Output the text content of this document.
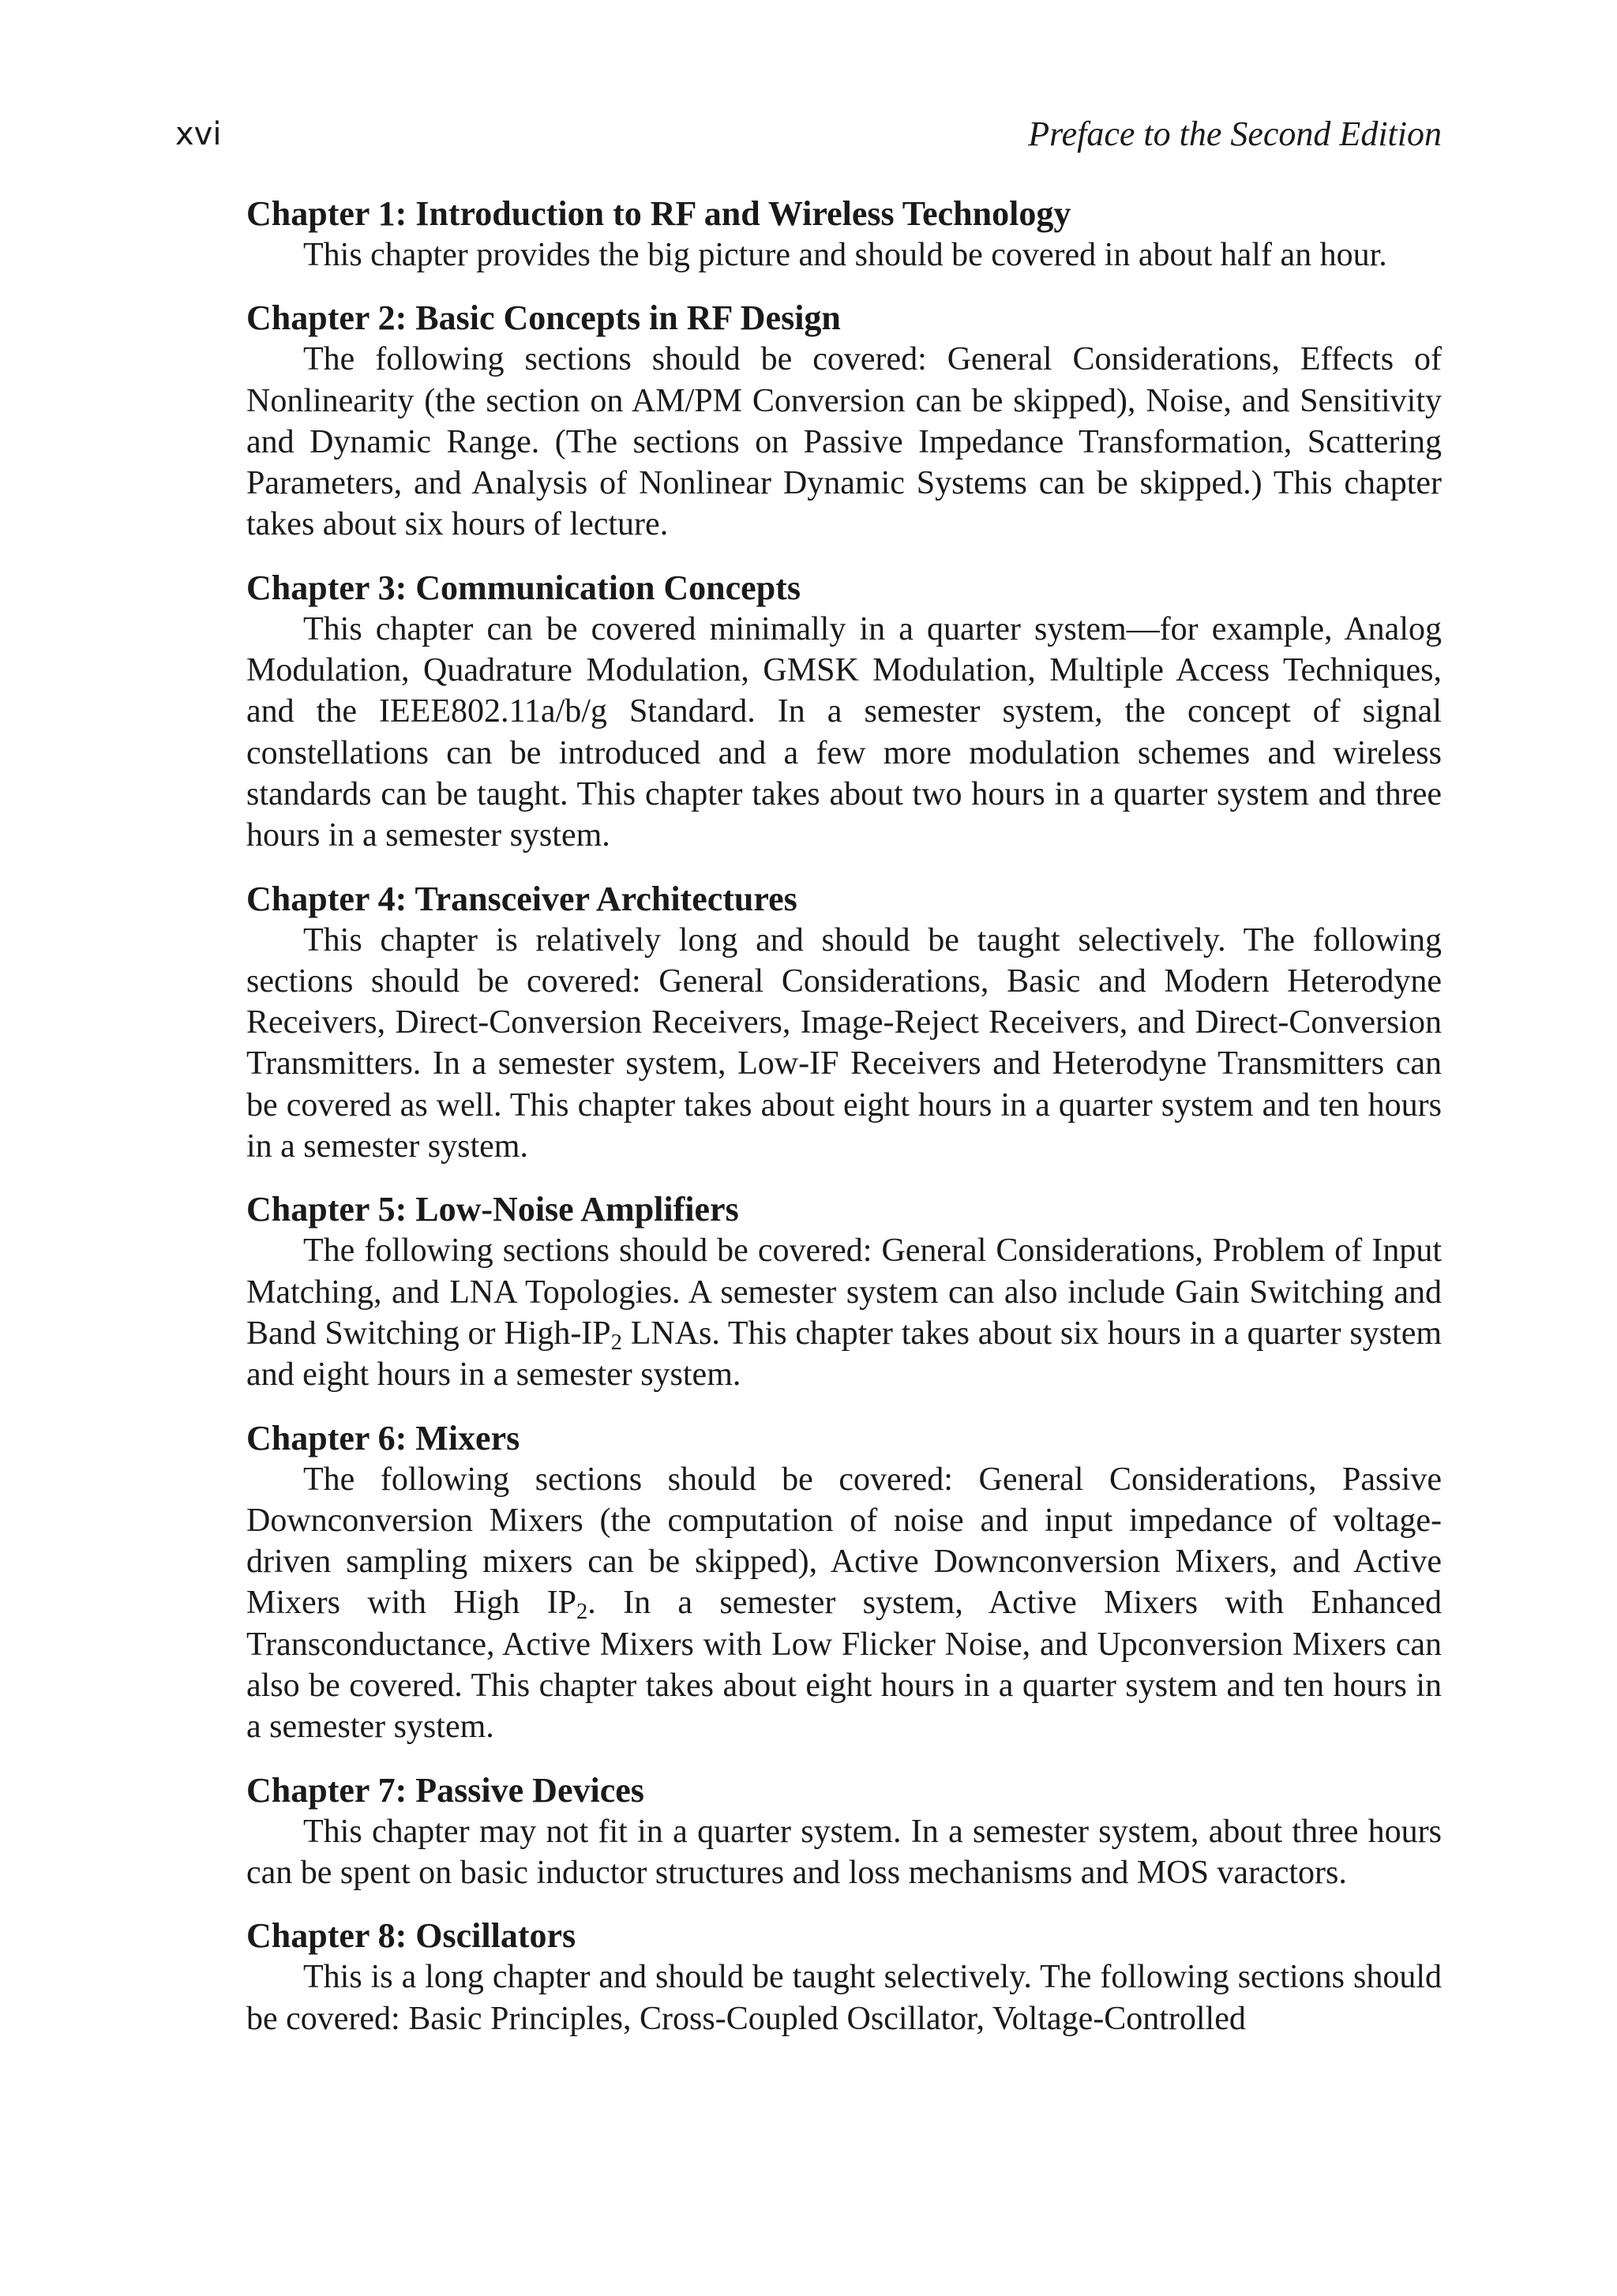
xvi	Preface to the Second Edition

Chapter 1: Introduction to RF and Wireless Technology

This chapter provides the big picture and should be covered in about half an hour.

Chapter 2: Basic Concepts in RF Design

The following sections should be covered: General Considerations, Effects of Nonlinearity (the section on AM/PM Conversion can be skipped), Noise, and Sensitivity and Dynamic Range. (The sections on Passive Impedance Transformation, Scattering Parameters, and Analysis of Nonlinear Dynamic Systems can be skipped.) This chapter takes about six hours of lecture.

Chapter 3: Communication Concepts

This chapter can be covered minimally in a quarter system—for example, Analog Modulation, Quadrature Modulation, GMSK Modulation, Multiple Access Techniques, and the IEEE802.11a/b/g Standard. In a semester system, the concept of signal constellations can be introduced and a few more modulation schemes and wireless standards can be taught. This chapter takes about two hours in a quarter system and three hours in a semester system.

Chapter 4: Transceiver Architectures

This chapter is relatively long and should be taught selectively. The following sections should be covered: General Considerations, Basic and Modern Heterodyne Receivers, Direct-Conversion Receivers, Image-Reject Receivers, and Direct-Conversion Transmitters. In a semester system, Low-IF Receivers and Heterodyne Transmitters can be covered as well. This chapter takes about eight hours in a quarter system and ten hours in a semester system.

Chapter 5: Low-Noise Amplifiers

The following sections should be covered: General Considerations, Problem of Input Matching, and LNA Topologies. A semester system can also include Gain Switching and Band Switching or High-$IP_2$ LNAs. This chapter takes about six hours in a quarter system and eight hours in a semester system.

Chapter 6: Mixers

The following sections should be covered: General Considerations, Passive Downconversion Mixers (the computation of noise and input impedance of voltage-driven sampling mixers can be skipped), Active Downconversion Mixers, and Active Mixers with High $IP_2$. In a semester system, Active Mixers with Enhanced Transconductance, Active Mixers with Low Flicker Noise, and Upconversion Mixers can also be covered. This chapter takes about eight hours in a quarter system and ten hours in a semester system.

Chapter 7: Passive Devices

This chapter may not fit in a quarter system. In a semester system, about three hours can be spent on basic inductor structures and loss mechanisms and MOS varactors.

Chapter 8: Oscillators

This is a long chapter and should be taught selectively. The following sections should be covered: Basic Principles, Cross-Coupled Oscillator, Voltage-Controlled
